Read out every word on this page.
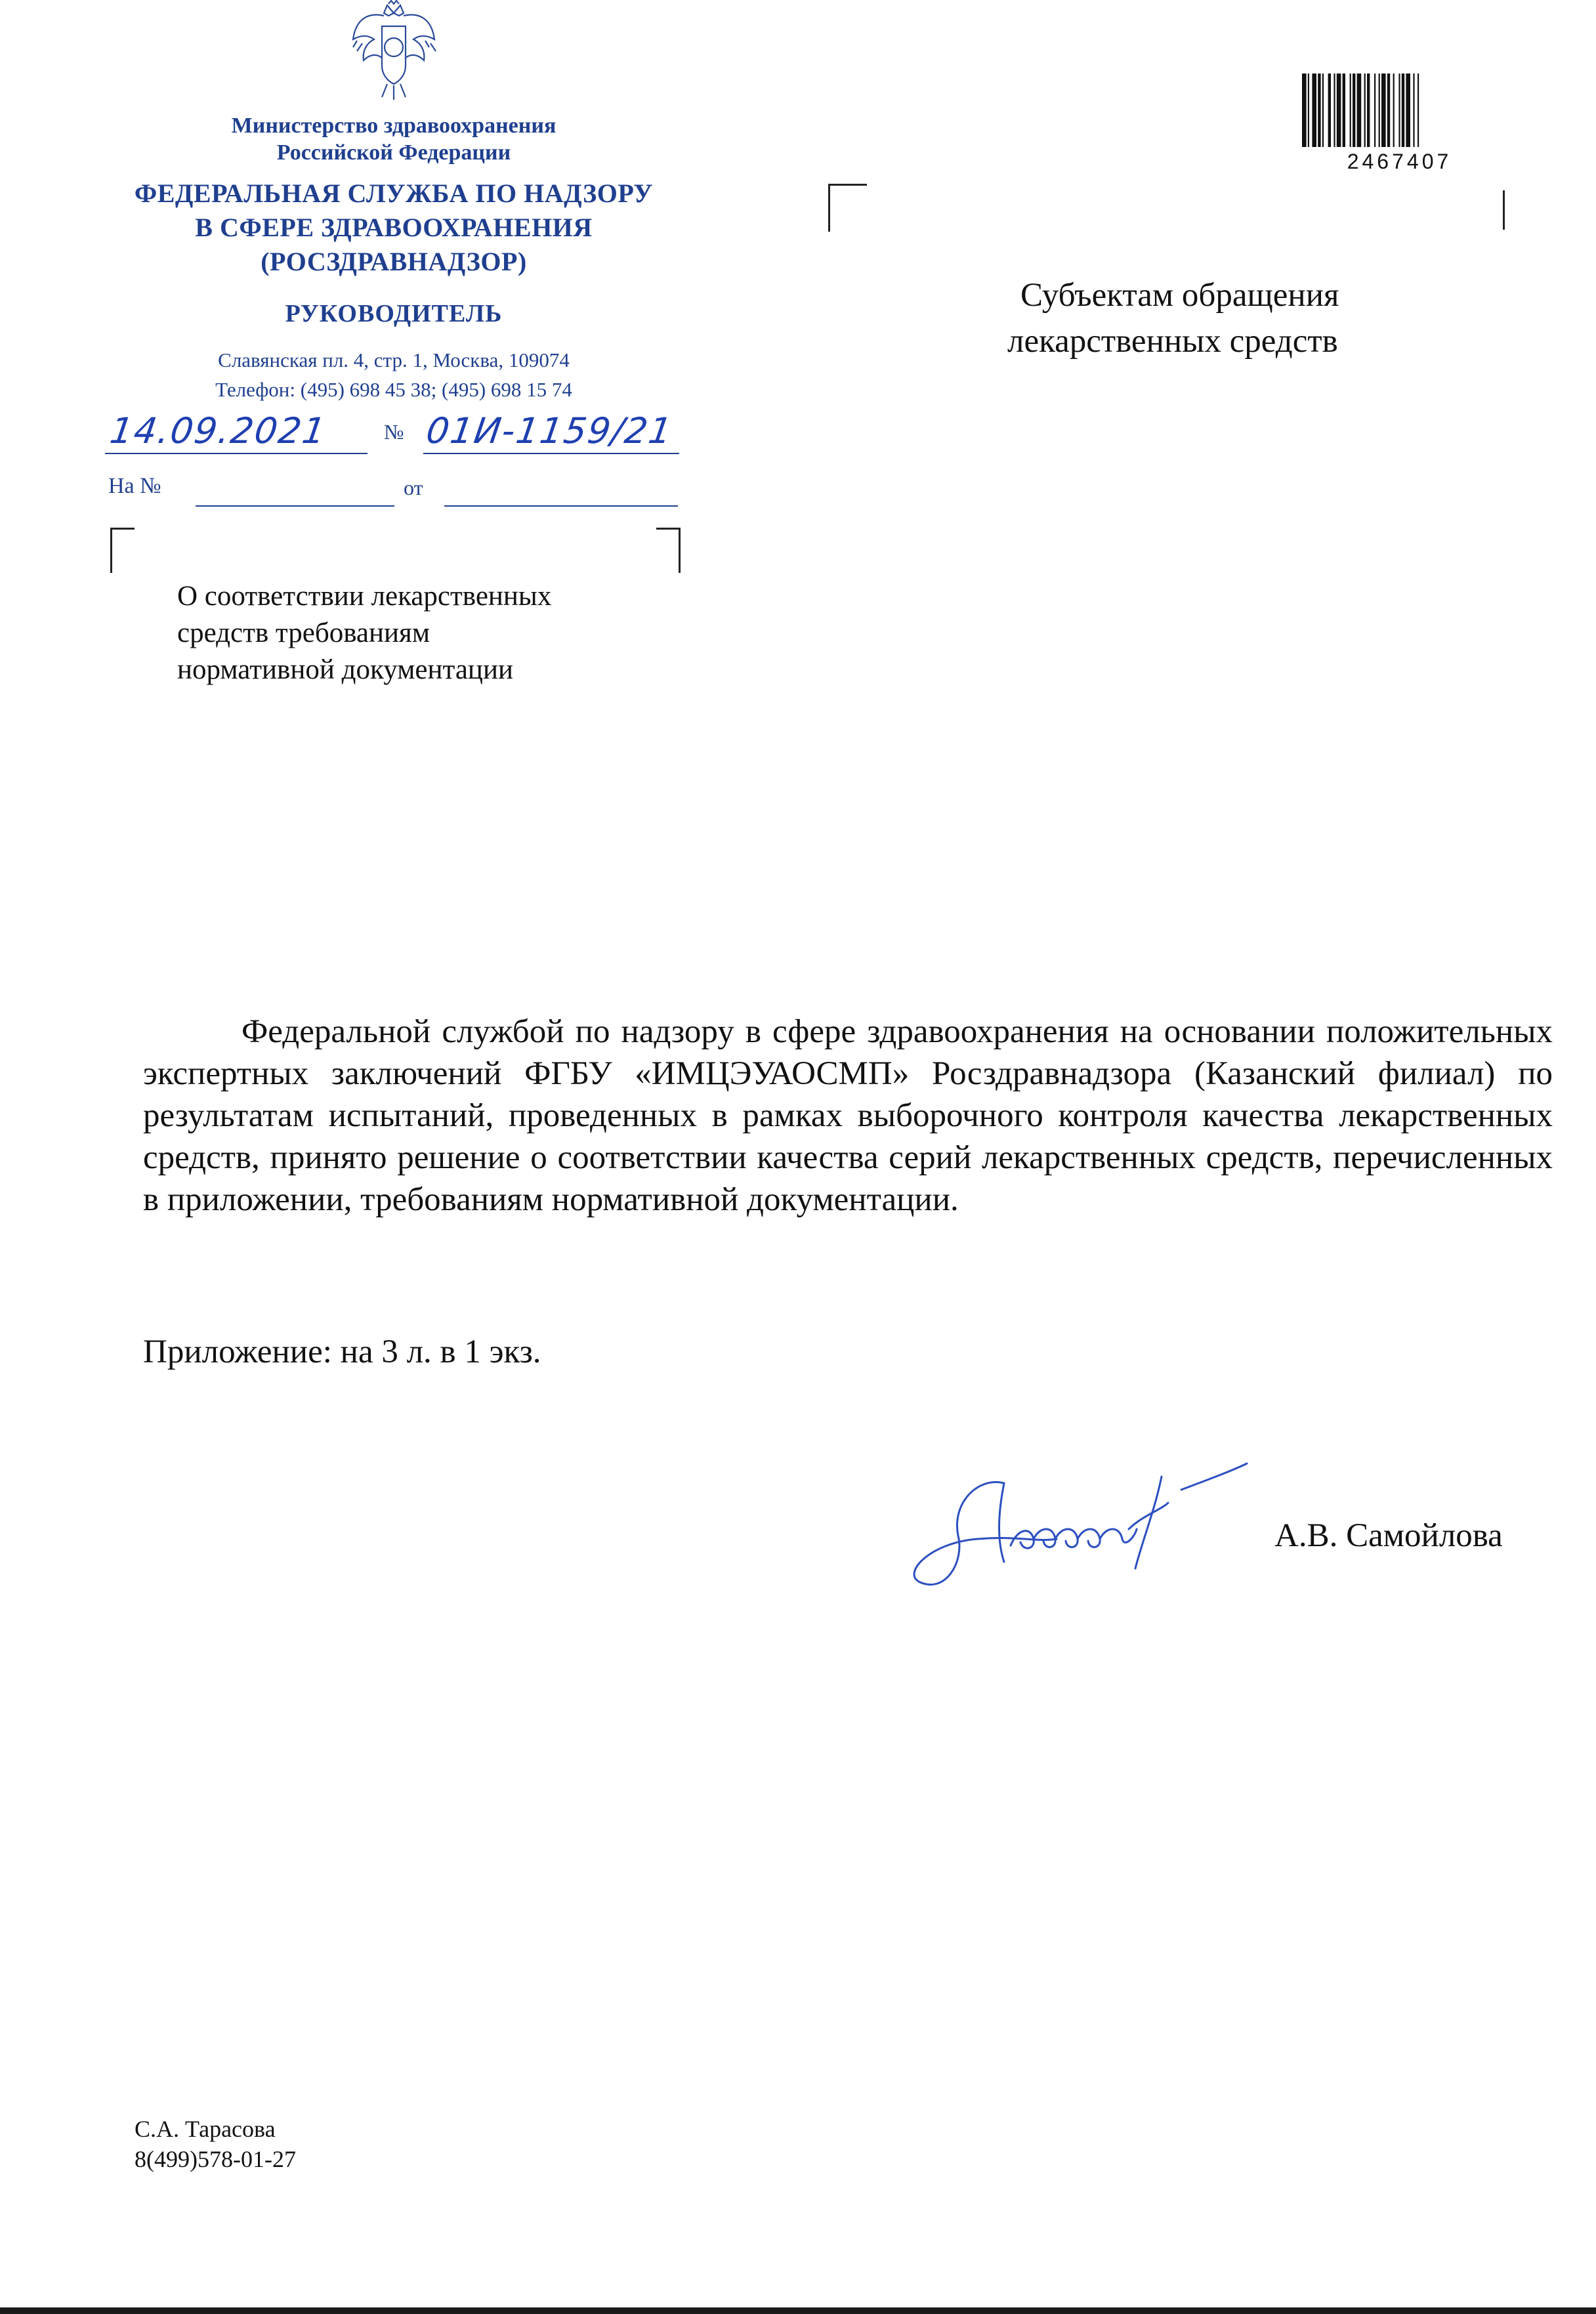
Министерство здравоохранения
Российской Федерации
ФЕДЕРАЛЬНАЯ СЛУЖБА ПО НАДЗОРУ
В СФЕРЕ ЗДРАВООХРАНЕНИЯ
(РОСЗДРАВНАДЗОР)
РУКОВОДИТЕЛЬ
Славянская пл. 4, стр. 1, Москва, 109074
Телефон: (495) 698 45 38; (495) 698 15 74
14.09.2021	№ 01И-1159/21
На №	от
2467407
Субъектам обращения
лекарственных средств
О соответствии лекарственных
средств требованиям
нормативной документации

Федеральной службой по надзору в сфере здравоохранения на основании положительных экспертных заключений ФГБУ «ИМЦЭУАОСМП» Росздравнадзора (Казанский филиал) по результатам испытаний, проведенных в рамках выборочного контроля качества лекарственных средств, принято решение о соответствии качества серий лекарственных средств, перечисленных в приложении, требованиям нормативной документации.

Приложение: на 3 л. в 1 экз.
А.В. Самойлова
С.А. Тарасова
8(499)578-01-27
